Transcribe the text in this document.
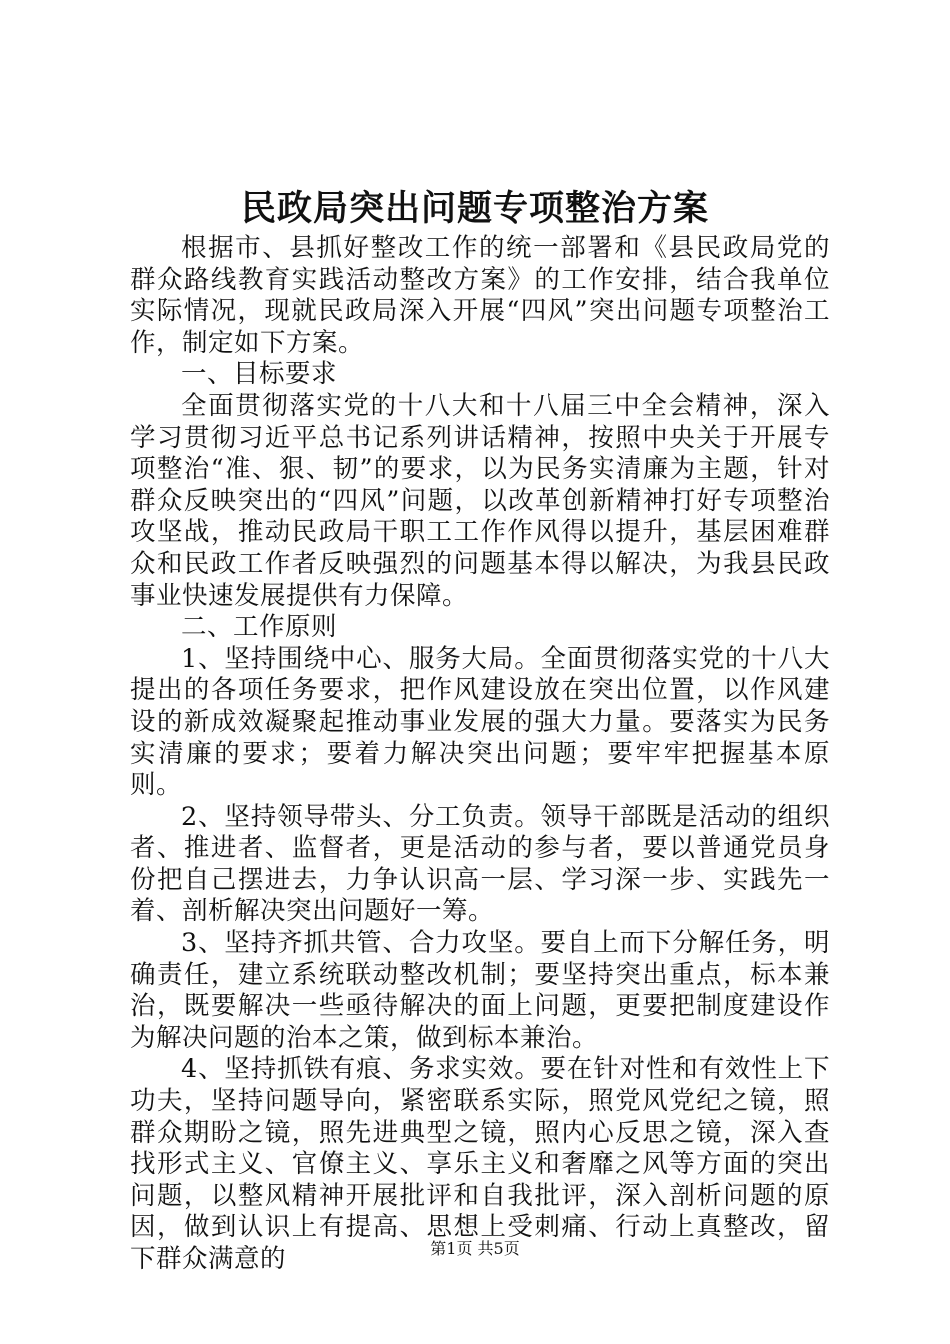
民政局突出问题专项整治方案

根据市、县抓好整改工作的统一部署和《县民政局党的群众路线教育实践活动整改方案》的工作安排，结合我单位实际情况，现就民政局深入开展“四风”突出问题专项整治工作，制定如下方案。

一、目标要求

全面贯彻落实党的十八大和十八届三中全会精神，深入学习贯彻习近平总书记系列讲话精神，按照中央关于开展专项整治“准、狠、韧”的要求，以为民务实清廉为主题，针对群众反映突出的“四风”问题，以改革创新精神打好专项整治攻坚战，推动民政局干职工工作作风得以提升，基层困难群众和民政工作者反映强烈的问题基本得以解决，为我县民政事业快速发展提供有力保障。

二、工作原则

1、坚持围绕中心、服务大局。全面贯彻落实党的十八大提出的各项任务要求，把作风建设放在突出位置，以作风建设的新成效凝聚起推动事业发展的强大力量。要落实为民务实清廉的要求；要着力解决突出问题；要牢牢把握基本原则。

2、坚持领导带头、分工负责。领导干部既是活动的组织者、推进者、监督者，更是活动的参与者，要以普通党员身份把自己摆进去，力争认识高一层、学习深一步、实践先一着、剖析解决突出问题好一筹。

3、坚持齐抓共管、合力攻坚。要自上而下分解任务，明确责任，建立系统联动整改机制；要坚持突出重点，标本兼治，既要解决一些亟待解决的面上问题，更要把制度建设作为解决问题的治本之策，做到标本兼治。

4、坚持抓铁有痕、务求实效。要在针对性和有效性上下功夫，坚持问题导向，紧密联系实际，照党风党纪之镜，照群众期盼之镜，照先进典型之镜，照内心反思之镜，深入查找形式主义、官僚主义、享乐主义和奢靡之风等方面的突出问题，以整风精神开展批评和自我批评，深入剖析问题的原因，做到认识上有提高、思想上受刺痛、行动上真整改，留下群众满意的	第1页 共5页
